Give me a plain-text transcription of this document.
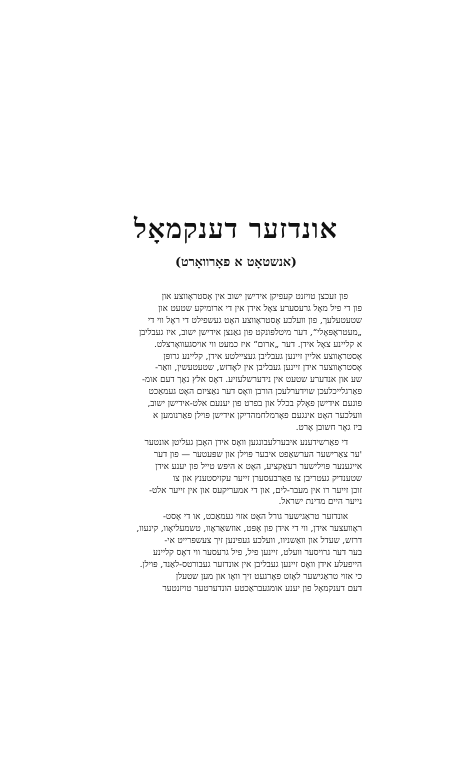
אונדזער דענקמאָל
(אנשטאָט א פאָרוואָרט)
פון זעכצן טויזנט קעפיקן אידישן ישוב אין אָסטראָווצע און
פון די פיל מאָל גרעסערע צאָל אידן אין די ארומיקע שטעט און
שטעטעלעך, פון וועלכע אָסטראָווצע האָט געשפילט די ראָל ווי די
„מעטראָפּאָלי“, דער מיטלפּונקט פון גאַנצן אידישן ישוב, איז געבליבן
א קליינע צאָל אידן. דער „ארום“ איז כמעט ווי אויסגעוואָרצלט.
אָסטראָווצע אליין זיינען געבליבן געציילטע אידן, קליינע גרופּן
אָסטראָווצער אידן זיינען געבליבן אין לאָדזש, שטעטעשין, וואַר-
שע און אנדערע שטעט אין נידערשלעזיע. דאָס אלץ נאָך דעם אומ-
פאַרגלייכלעכן שוידערלעכן הורבן וואָס דער נאַציזם האָט געמאַכט
פונעם אידישן פאָלק בכלל און בפרט פון יענעם אלט-אידישן ישוב,
וועלכער האָט אינגעם פאָרמלחמהדיקן אידישן פּוילן פאַרנומען א
ביז גאָר חשובן אָרט.
די פאַרשידענע איבערלעבונגען וואָס אידן האָבן געליטן אונטער
'ער צאַרישער הערשאַפט איבער פּוילן און שפּעטער — פון דער
אייגענער פּוילישער רעאַקציע, האָט א היפּש טייל פון יענע אידן
שטענדיק געטריבן צו פאַרבעסערן זייער עקזיסטענץ און צו
זוכן זייער רו אין מעבר-לים, און די אמעריקעס און אין זייער אלט-
נייער היים מדינת ישראל.
אונדזער טראַגישער גורל האָט אזוי געמאַכט, או די אָסט-
ראָוועצער אידן, ווי די אידן פון אָפּט, אוזשאַראָוו, טשמעליאָוו, קינעוו,
דרזש, שעדל און וואַשניוו, וועלכע געפינען זיך צעשפּרייט אי-
בער דער גרויסער וועלט, זיינען פיל, פיל גרעסער ווי דאָס קליינע
הייפעלע אידן וואָס זיינען געבליבן אין אונדזער געבורטס-לאַנד, פּוילן.
כי אזוי טראַגישער לאָזט פאָרגעט זיך וואָו און מען שטעלן
דעם דענקמאָל פון יענע אומגעבראַכטע הונדערטער טויזנטער
